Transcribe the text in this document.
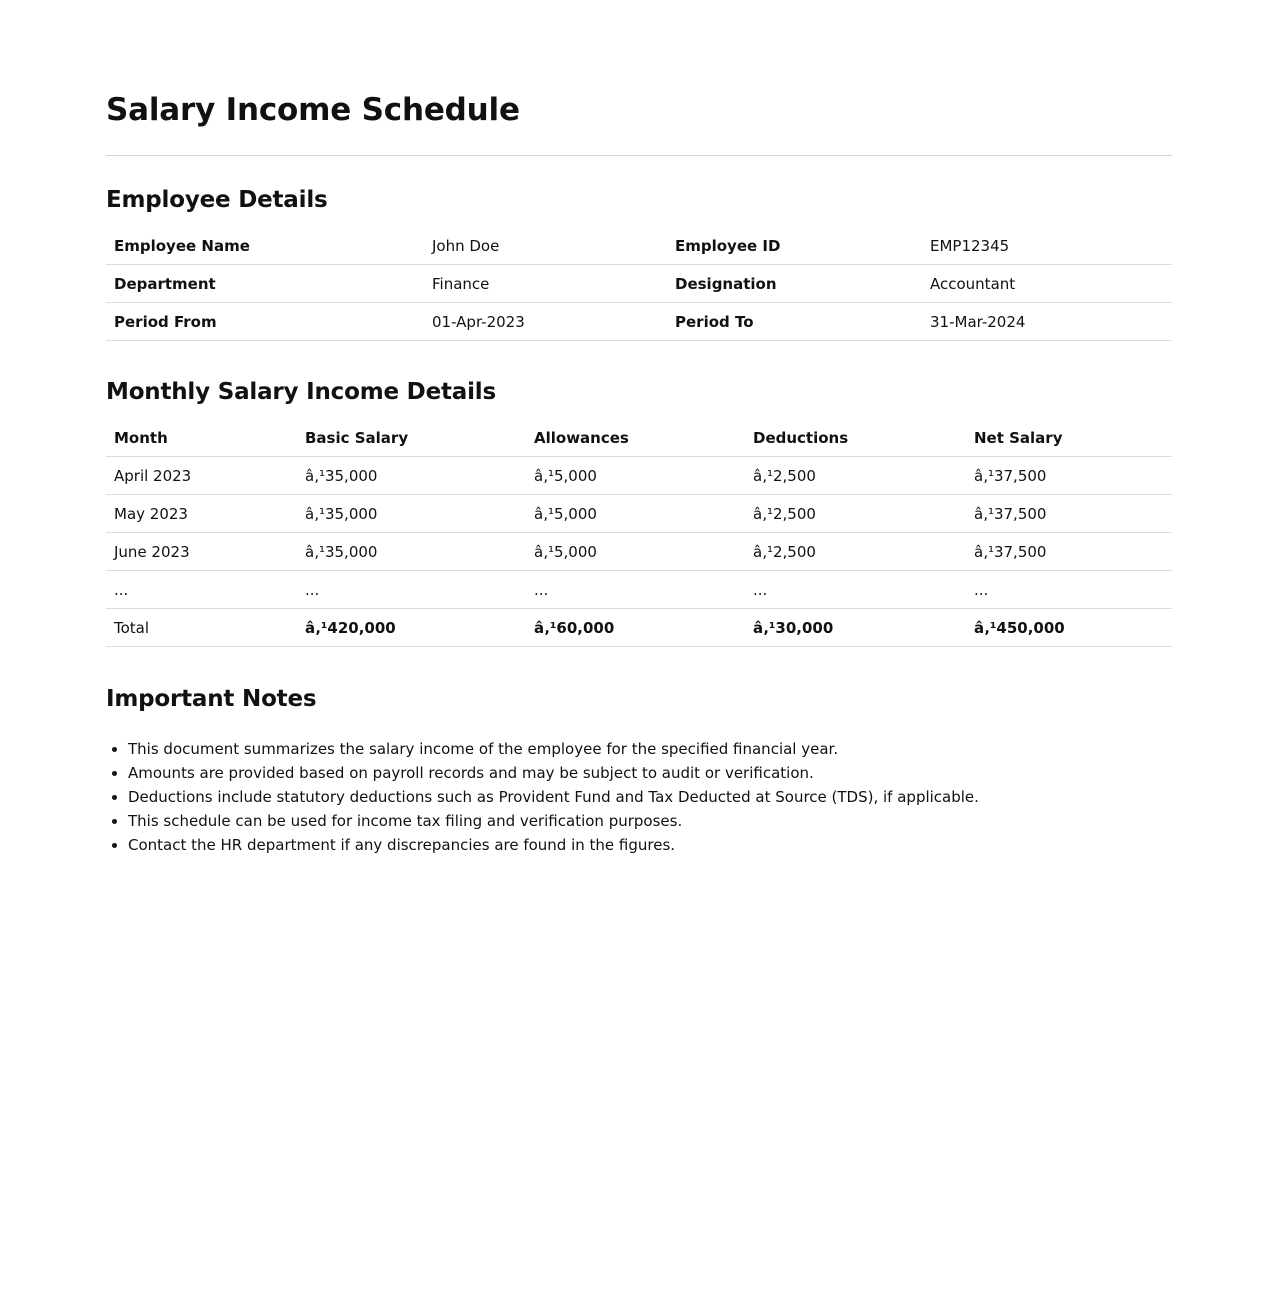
Salary Income Schedule
Employee Details
Employee Name	John Doe	Employee ID	EMP12345
Department	Finance	Designation	Accountant
Period From	01-Apr-2023	Period To	31-Mar-2024
Monthly Salary Income Details
Month	Basic Salary	Allowances	Deductions	Net Salary
April 2023	â‚¹35,000	â‚¹5,000	â‚¹2,500	â‚¹37,500
May 2023	â‚¹35,000	â‚¹5,000	â‚¹2,500	â‚¹37,500
June 2023	â‚¹35,000	â‚¹5,000	â‚¹2,500	â‚¹37,500
...	...	...	...	...
Total	â‚¹420,000	â‚¹60,000	â‚¹30,000	â‚¹450,000
Important Notes
• This document summarizes the salary income of the employee for the specified financial year.
• Amounts are provided based on payroll records and may be subject to audit or verification.
• Deductions include statutory deductions such as Provident Fund and Tax Deducted at Source (TDS), if applicable.
• This schedule can be used for income tax filing and verification purposes.
• Contact the HR department if any discrepancies are found in the figures.
